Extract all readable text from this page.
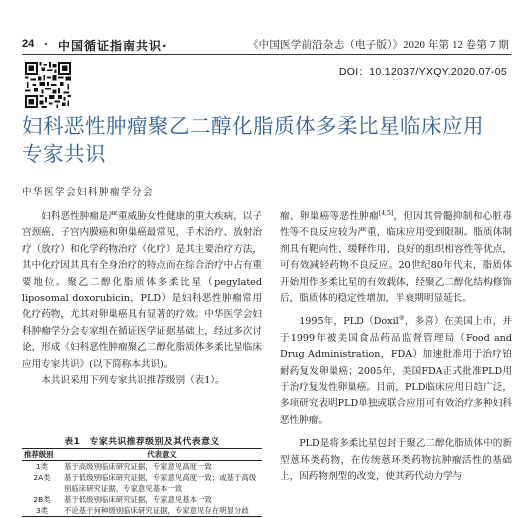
24 · 中国循证指南共识·	《中国医学前沿杂志（电子版）》2020 年第 12 卷第 7 期
DOI：10.12037/YXQY.2020.07-05
妇科恶性肿瘤聚乙二醇化脂质体多柔比星临床应用
专家共识
中华医学会妇科肿瘤学分会

妇科恶性肿瘤是严重威胁女性健康的重大疾病，以子宫颈癌、子宫内膜癌和卵巢癌最常见，手术治疗、放射治疗（放疗）和化学药物治疗（化疗）是其主要治疗方法，其中化疗因其具有全身治疗的特点而在综合治疗中占有重要地位。聚乙二醇化脂质体多柔比星（pegylated liposomal doxorubicin，PLD）是妇科恶性肿瘤常用化疗药物，尤其对卵巢癌具有显著的疗效。中华医学会妇科肿瘤学分会专家组在循证医学证据基础上，经过多次讨论，形成《妇科恶性肿瘤聚乙二醇化脂质体多柔比星临床应用专家共识》(以下简称本共识)。

本共识采用下列专家共识推荐级别（表1）。

表1　专家共识推荐级别及其代表意义
推荐级别	代表意义
1类	基于高级别临床研究证据，专家意见高度一致
2A类	基于低级别临床研究证据，专家意见高度一致；或基于高级别临床研究证据，专家意见基本一致
2B类	基于低级别临床研究证据，专家意见基本一致
3类	不论基于何种级别临床研究证据，专家意见存在明显分歧

瘤、卵巢癌等恶性肿瘤[4,5]，但因其骨髓抑制和心脏毒性等不良反应较为严重，临床应用受到限制。脂质体制剂具有靶向性、缓释作用、良好的组织相容性等优点，可有效减轻药物不良反应。20世纪80年代末，脂质体开始用作多柔比星的有效载体，经聚乙二醇化结构修饰后，脂质体的稳定性增加，半衰期明显延长。

1995年，PLD（Doxil®，多喜）在美国上市，并于1999年被美国食品药品监督管理局（Food and Drug Administration，FDA）加速批准用于治疗铂耐药复发卵巢癌；2005年，美国FDA正式批准PLD用于治疗复发性卵巢癌。目前，PLD临床应用日趋广泛，多项研究表明PLD单独或联合应用可有效治疗多种妇科恶性肿瘤。

PLD是将多柔比星包封于聚乙二醇化脂质体中的新型蒽环类药物，在传统蒽环类药物抗肿瘤活性的基础上，因药物剂型的改变，使其药代动力学与
